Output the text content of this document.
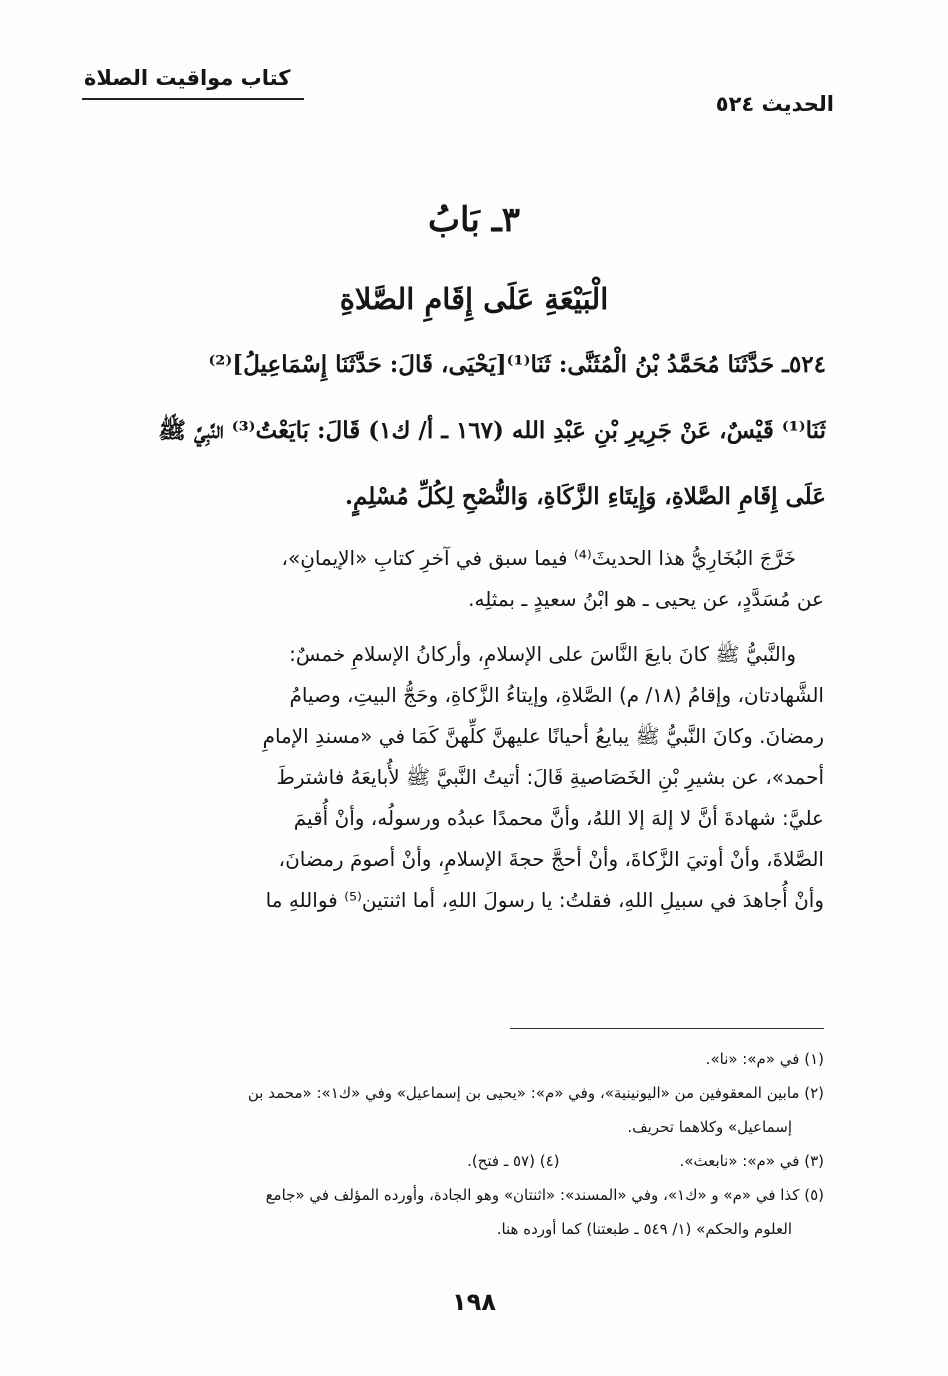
كتاب مواقيت الصلاة
الحديث ٥٢٤
٣ـ بَابُ
الْبَيْعَةِ عَلَى إِقَامِ الصَّلاةِ
٥٢٤ـ حَدَّثَنَا مُحَمَّدُ بْنُ الْمُثَنَّى: ثَنَا⁽¹⁾[يَحْيَى، قَالَ: حَدَّثَنَا إِسْمَاعِيلُ]⁽²⁾
ثَنَا⁽¹⁾ قَيْسٌ، عَنْ جَرِيرِ بْنِ عَبْدِ الله (١٦٧ ـ أ/ ك١) قَالَ: بَايَعْتُ⁽³⁾ النَّبِيَّ ﷺ
عَلَى إِقَامِ الصَّلاةِ، وَإِيتَاءِ الزَّكَاةِ، وَالنُّصْحِ لِكُلِّ مُسْلِمٍ.

خَرَّجَ البُخَارِيُّ هذا الحديثَ⁽⁴⁾ فيما سبق في آخرِ كتابِ «الإيمانِ»،
عن مُسَدَّدٍ، عن يحيى ـ هو ابْنُ سعيدٍ ـ بمثلِه.

والنَّبيُّ ﷺ كانَ بايعَ النَّاسَ على الإسلامِ، وأركانُ الإسلامِ خمسٌ:
الشَّهادتان، وإقامُ (١٨/ م) الصَّلاةِ، وإيتاءُ الزَّكاةِ، وحَجُّ البيتِ، وصيامُ
رمضانَ. وكانَ النَّبيُّ ﷺ يبايعُ أحيانًا عليهنَّ كلِّهنَّ كَمَا في «مسندِ الإمامِ
أحمد»، عن بشيرِ بْنِ الخَصَاصيةِ قَالَ: أتيتُ النَّبيَّ ﷺ لأُبايعَهُ فاشترطَ
عليَّ: شهادةَ أنَّ لا إلهَ إلا اللهُ، وأنَّ محمدًا عبدُه ورسولُه، وأنْ أُقيمَ
الصَّلاةَ، وأنْ أوتيَ الزَّكاةَ، وأنْ أحجَّ حجةَ الإسلامِ، وأنْ أصومَ رمضانَ،
وأنْ أُجاهدَ في سبيلِ اللهِ، فقلتُ: يا رسولَ اللهِ، أما اثنتين⁽⁵⁾ فواللهِ ما

(١) في «م»: «نا».
(٢) مابين المعقوفين من «اليونينية»، وفي «م»: «يحيى بن إسماعيل» وفي «ك١»: «محمد بن
إسماعيل» وكلاهما تحريف.
(٣) في «م»: «نابعث».
(٤) (٥٧ ـ فتح).
(٥) كذا في «م» و «ك١»، وفي «المسند»: «اثنتان» وهو الجادة، وأورده المؤلف في «جامع
العلوم والحكم» (١/ ٥٤٩ ـ طبعتنا) كما أورده هنا.
١٩٨
